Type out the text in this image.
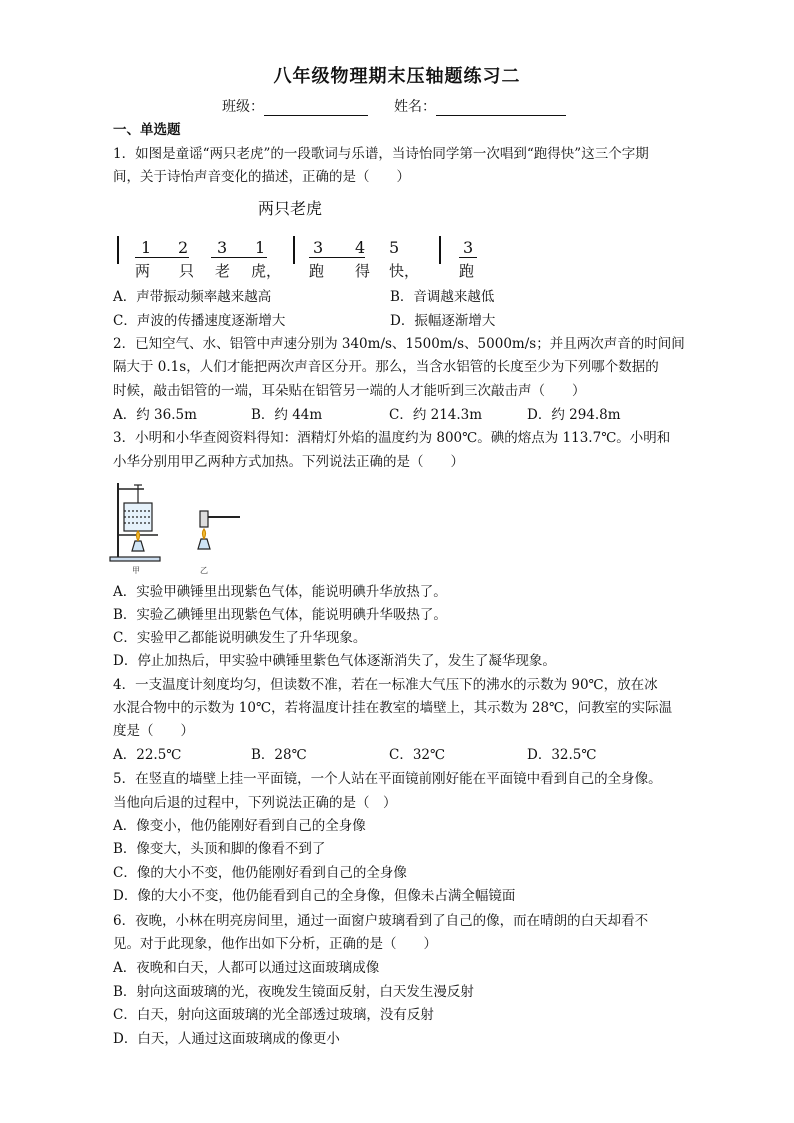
八年级物理期末压轴题练习二
班级：	姓名：
一、单选题
1．如图是童谣“两只老虎”的一段歌词与乐谱，当诗怡同学第一次唱到“跑得快”这三个字期
间，关于诗怡声音变化的描述，正确的是（　　）
两只老虎
1 2 3 1	3 4 5	3
两 只 老 虎， 跑 得 快，	跑
A．声带振动频率越来越高	B．音调越来越低
C．声波的传播速度逐渐增大	D．振幅逐渐增大
2．已知空气、水、铝管中声速分别为 340m/s、1500m/s、5000m/s；并且两次声音的时间间
隔大于 0.1s，人们才能把两次声音区分开。那么，当含水铝管的长度至少为下列哪个数据的
时候，敲击铝管的一端，耳朵贴在铝管另一端的人才能听到三次敲击声（　　）
A．约 36.5m	B．约 44m	C．约 214.3m	D．约 294.8m
3．小明和小华查阅资料得知：酒精灯外焰的温度约为 800℃。碘的熔点为 113.7℃。小明和
小华分别用甲乙两种方式加热。下列说法正确的是（　　）
甲	乙
A．实验甲碘锤里出现紫色气体，能说明碘升华放热了。
B．实验乙碘锤里出现紫色气体，能说明碘升华吸热了。
C．实验甲乙都能说明碘发生了升华现象。
D．停止加热后，甲实验中碘锤里紫色气体逐渐消失了，发生了凝华现象。
4．一支温度计刻度均匀，但读数不准，若在一标准大气压下的沸水的示数为 90℃，放在冰
水混合物中的示数为 10℃，若将温度计挂在教室的墙壁上，其示数为 28℃，问教室的实际温
度是（　　）
A．22.5℃	B．28℃	C．32℃	D．32.5℃
5．在竖直的墙壁上挂一平面镜，一个人站在平面镜前刚好能在平面镜中看到自己的全身像。
当他向后退的过程中，下列说法正确的是（　）
A．像变小，他仍能刚好看到自己的全身像
B．像变大，头顶和脚的像看不到了
C．像的大小不变，他仍能刚好看到自己的全身像
D．像的大小不变，他仍能看到自己的全身像，但像未占满全幅镜面
6．夜晚，小林在明亮房间里，通过一面窗户玻璃看到了自己的像，而在晴朗的白天却看不
见。对于此现象，他作出如下分析，正确的是（　　）
A．夜晚和白天，人都可以通过这面玻璃成像
B．射向这面玻璃的光，夜晚发生镜面反射，白天发生漫反射
C．白天，射向这面玻璃的光全部透过玻璃，没有反射
D．白天，人通过这面玻璃成的像更小
